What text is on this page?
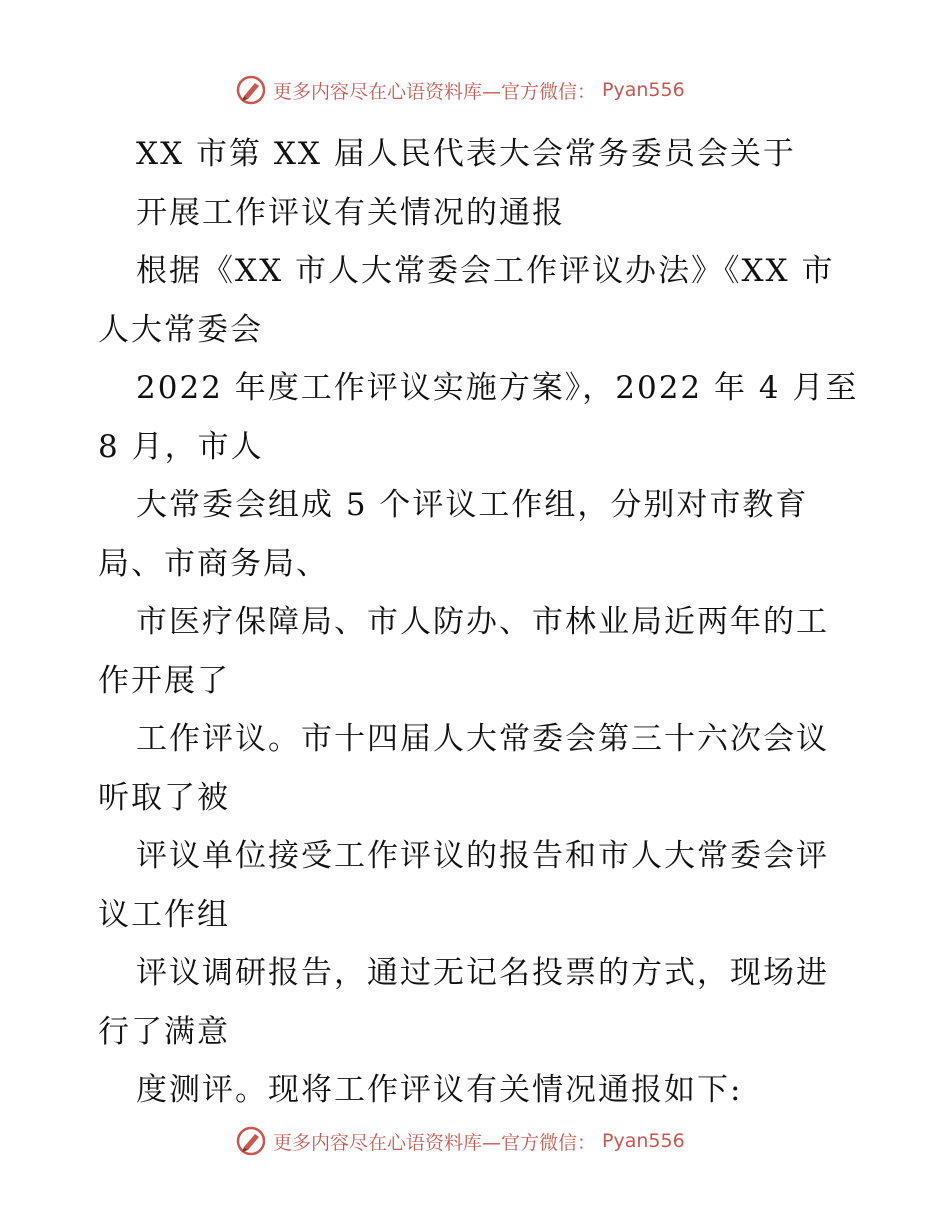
更多内容尽在心语资料库—官方微信： Pyan556
XX 市第 XX 届人民代表大会常务委员会关于
开展工作评议有关情况的通报
根据《XX 市人大常委会工作评议办法》《XX 市
人大常委会
2022 年度工作评议实施方案》，2022 年 4 月至
8 月，市人
大常委会组成 5 个评议工作组，分别对市教育
局、市商务局、
市医疗保障局、市人防办、市林业局近两年的工
作开展了
工作评议。市十四届人大常委会第三十六次会议
听取了被
评议单位接受工作评议的报告和市人大常委会评
议工作组
评议调研报告，通过无记名投票的方式，现场进
行了满意
度测评。现将工作评议有关情况通报如下:
更多内容尽在心语资料库—官方微信： Pyan556
